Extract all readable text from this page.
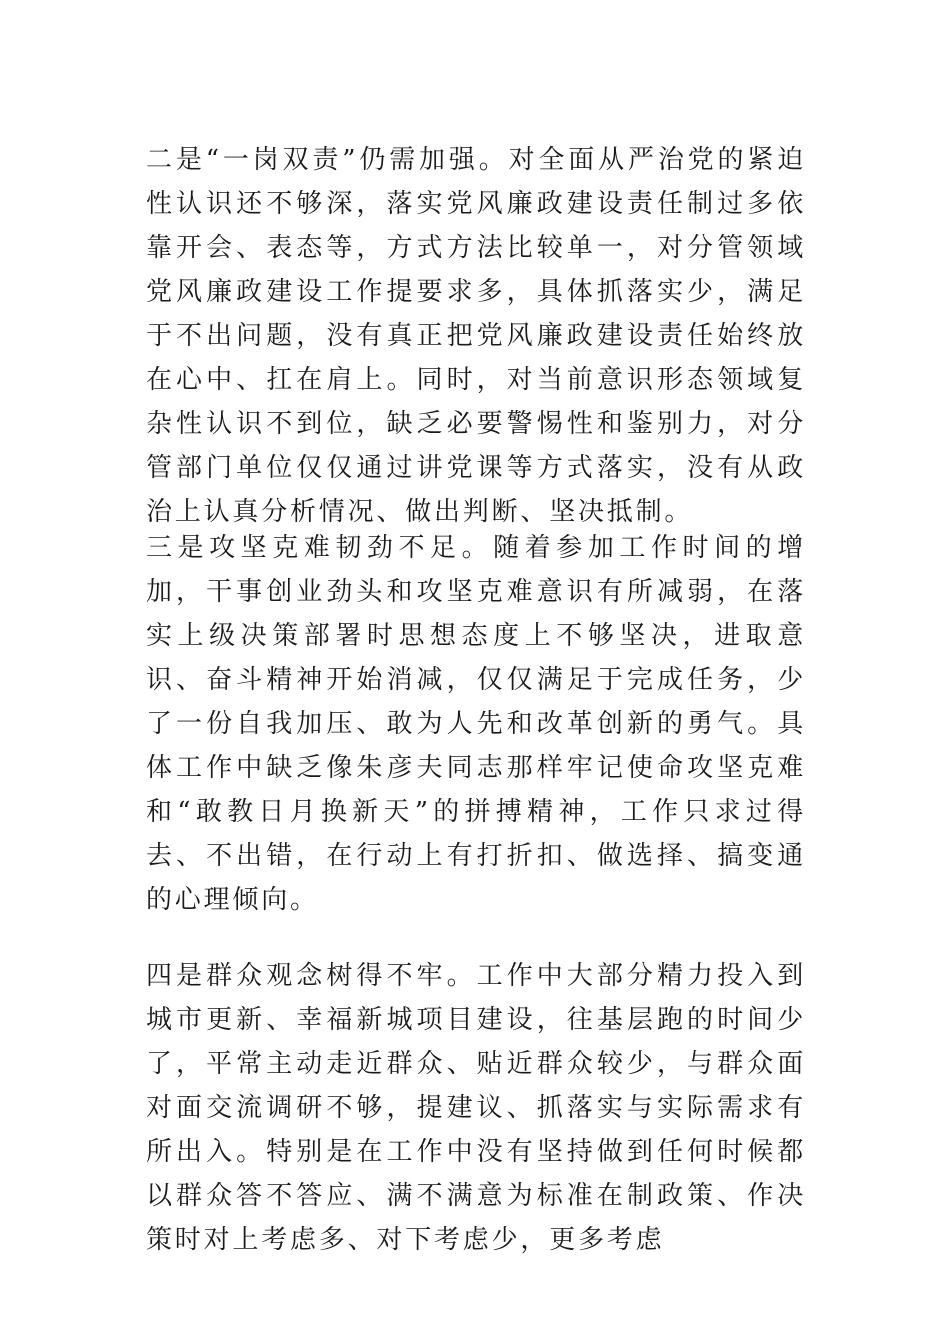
二是“一岗双责”仍需加强。对全面从严治党的紧迫性认识还不够深，落实党风廉政建设责任制过多依靠开会、表态等，方式方法比较单一，对分管领域党风廉政建设工作提要求多，具体抓落实少，满足于不出问题，没有真正把党风廉政建设责任始终放在心中、扛在肩上。同时，对当前意识形态领域复杂性认识不到位，缺乏必要警惕性和鉴别力，对分管部门单位仅仅通过讲党课等方式落实，没有从政治上认真分析情况、做出判断、坚决抵制。

三是攻坚克难韧劲不足。随着参加工作时间的增加，干事创业劲头和攻坚克难意识有所减弱，在落实上级决策部署时思想态度上不够坚决，进取意识、奋斗精神开始消减，仅仅满足于完成任务，少了一份自我加压、敢为人先和改革创新的勇气。具体工作中缺乏像朱彦夫同志那样牢记使命攻坚克难和“敢教日月换新天”的拼搏精神，工作只求过得去、不出错，在行动上有打折扣、做选择、搞变通的心理倾向。

四是群众观念树得不牢。工作中大部分精力投入到城市更新、幸福新城项目建设，往基层跑的时间少了，平常主动走近群众、贴近群众较少，与群众面对面交流调研不够，提建议、抓落实与实际需求有所出入。特别是在工作中没有坚持做到任何时候都以群众答不答应、满不满意为标准在制政策、作决策时对上考虑多、对下考虑少，更多考虑
